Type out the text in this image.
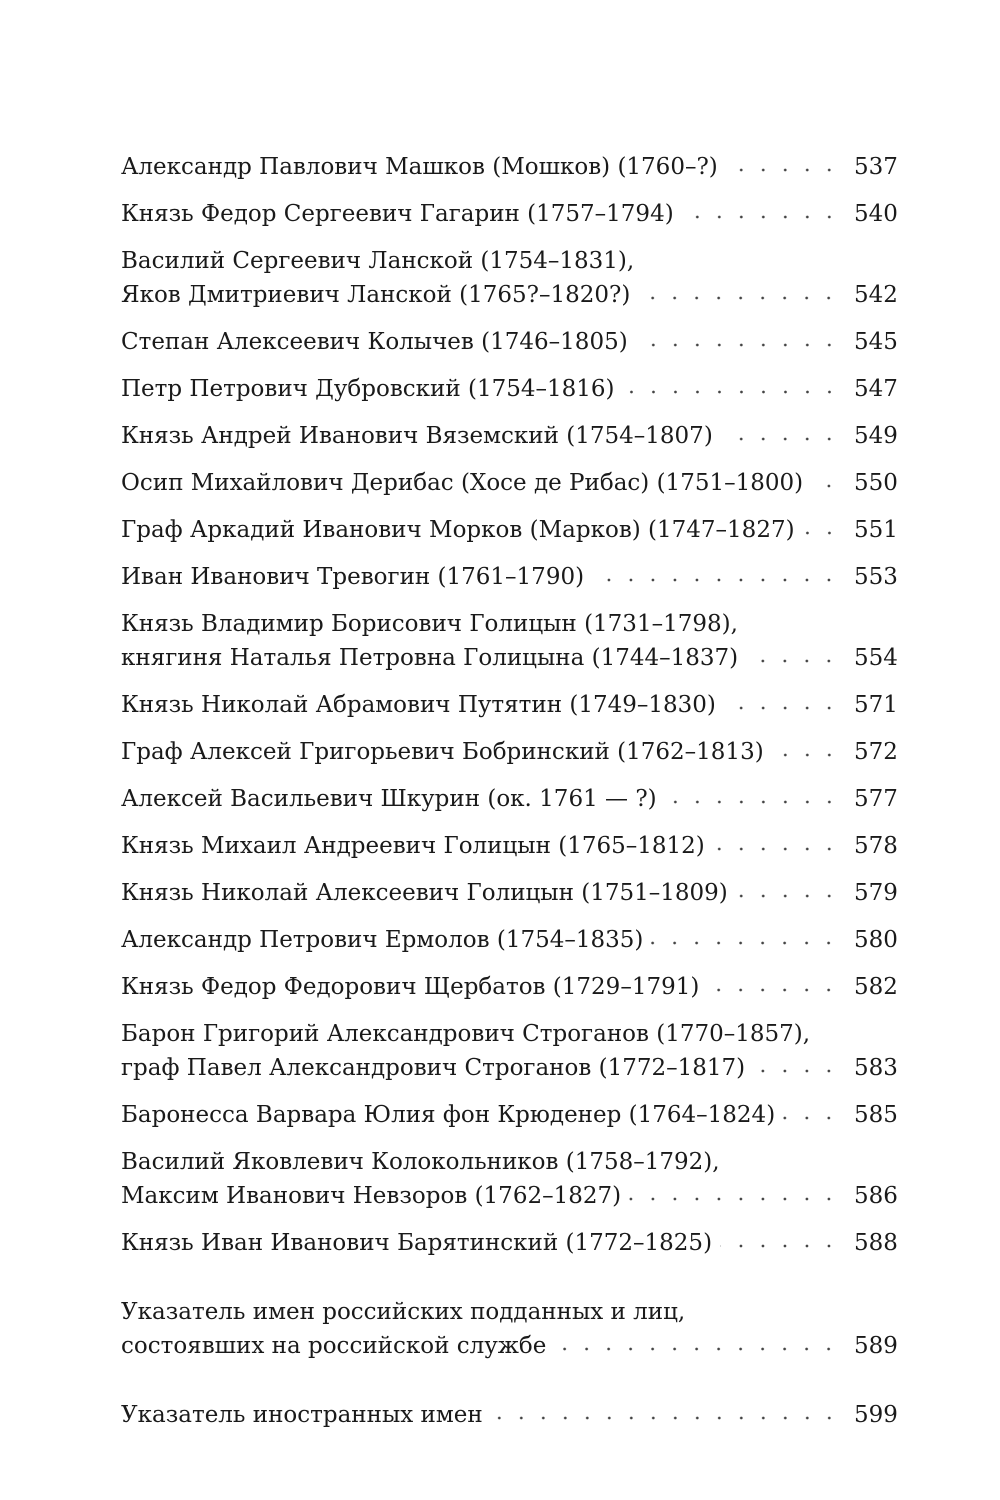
Александр Павлович Машков (Мошков) (1760–?)	537
Князь Федор Сергеевич Гагарин (1757–1794)	540
Василий Сергеевич Ланской (1754–1831),
Яков Дмитриевич Ланской (1765?–1820?)	542
Степан Алексеевич Колычев (1746–1805)	545
Петр Петрович Дубровский (1754–1816)	547
Князь Андрей Иванович Вяземский (1754–1807)	549
Осип Михайлович Дерибас (Хосе де Рибас) (1751–1800) 550
Граф Аркадий Иванович Морков (Марков) (1747–1827)	551
Иван Иванович Тревогин (1761–1790)	553
Князь Владимир Борисович Голицын (1731–1798),
княгиня Наталья Петровна Голицына (1744–1837)	554
Князь Николай Абрамович Путятин (1749–1830)	571
Граф Алексей Григорьевич Бобринский (1762–1813)	572
Алексей Васильевич Шкурин (ок. 1761 — ?)	577
Князь Михаил Андреевич Голицын (1765–1812)	578
Князь Николай Алексеевич Голицын (1751–1809)	579
Александр Петрович Ермолов (1754–1835)	580
Князь Федор Федорович Щербатов (1729–1791)	582
Барон Григорий Александрович Строганов (1770–1857),
граф Павел Александрович Строганов (1772–1817)	583
Баронесса Варвара Юлия фон Крюденер (1764–1824)	585
Василий Яковлевич Колокольников (1758–1792),
Максим Иванович Невзоров (1762–1827)	586
Князь Иван Иванович Барятинский (1772–1825)	588
Указатель имен российских подданных и лиц,
состоявших на российской службе	589
Указатель иностранных имен	599
